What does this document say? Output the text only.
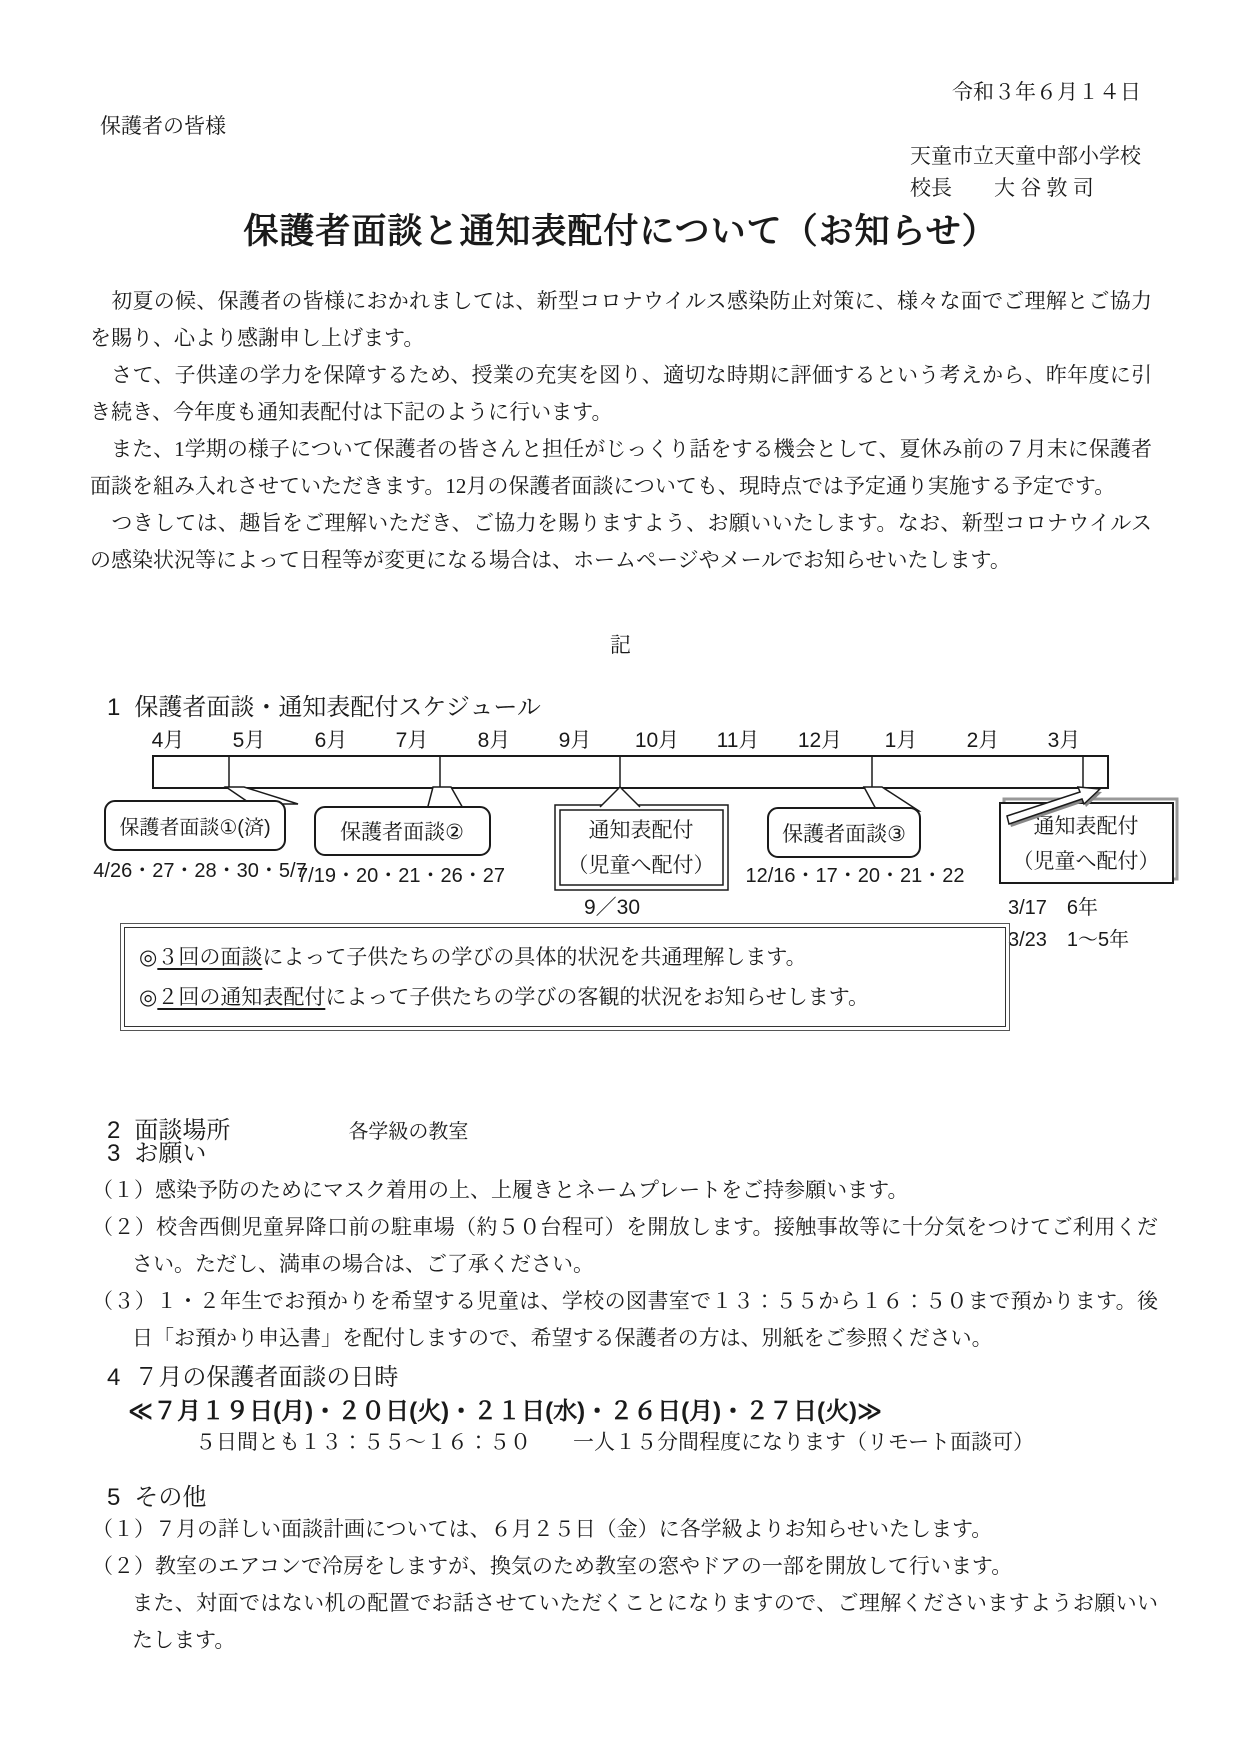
令和３年６月１４日
保護者の皆様
天童市立天童中部小学校
校長　　大 谷 敦 司
保護者面談と通知表配付について（お知らせ）

　初夏の候、保護者の皆様におかれましては、新型コロナウイルス感染防止対策に、様々な面でご理解とご協力を賜り、心より感謝申し上げます。

　さて、子供達の学力を保障するため、授業の充実を図り、適切な時期に評価するという考えから、昨年度に引き続き、今年度も通知表配付は下記のように行います。

　また、1学期の様子について保護者の皆さんと担任がじっくり話をする機会として、夏休み前の７月末に保護者面談を組み入れさせていただきます。12月の保護者面談についても、現時点では予定通り実施する予定です。

　つきしては、趣旨をご理解いただき、ご協力を賜りますよう、お願いいたします。なお、新型コロナウイルスの感染状況等によって日程等が変更になる場合は、ホームページやメールでお知らせいたします。

記
1 保護者面談・通知表配付スケジュール
4月 5月 6月 7月 8月 9月 10月 11月 12月 1月 2月 3月
保護者面談①(済)
4/26・27・28・30・5/7
保護者面談②
7/19・20・21・26・27
通知表配付
（児童へ配付）
9／30
保護者面談③
12/16・17・20・21・22
通知表配付
（児童へ配付）
3/17　6年
3/23　1～5年
◎３回の面談によって子供たちの学びの具体的状況を共通理解します。
◎２回の通知表配付によって子供たちの学びの客観的状況をお知らせします。
2 面談場所	各学級の教室
3 お願い
（１）感染予防のためにマスク着用の上、上履きとネームプレートをご持参願います。
（２）校舎西側児童昇降口前の駐車場（約５０台程可）を開放します。接触事故等に十分気をつけてご利用ください。ただし、満車の場合は、ご了承ください。
（３）１・２年生でお預かりを希望する児童は、学校の図書室で１３：５５から１６：５０まで預かります。後日「お預かり申込書」を配付しますので、希望する保護者の方は、別紙をご参照ください。
4 ７月の保護者面談の日時
≪７月１９日(月)・２０日(火)・２１日(水)・２６日(月)・２７日(火)≫
５日間とも１３：５５～１６：５０　　一人１５分間程度になります（リモート面談可）
5 その他
（１）７月の詳しい面談計画については、６月２５日（金）に各学級よりお知らせいたします。
（２）教室のエアコンで冷房をしますが、換気のため教室の窓やドアの一部を開放して行います。
また、対面ではない机の配置でお話させていただくことになりますので、ご理解くださいますようお願いいたします。
